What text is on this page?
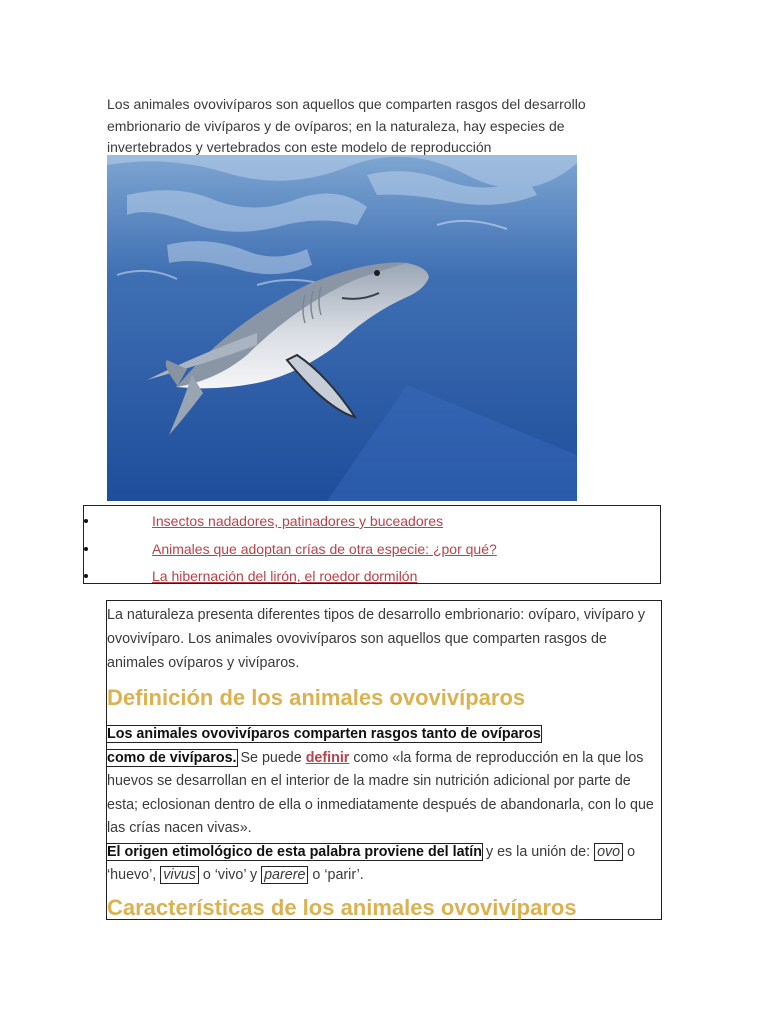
Los animales ovovivíparos son aquellos que comparten rasgos del desarrollo embrionario de vivíparos y de ovíparos; en la naturaleza, hay especies de invertebrados y vertebrados con este modelo de reproducción

Insectos nadadores, patinadores y buceadores
Animales que adoptan crías de otra especie: ¿por qué?
La hibernación del lirón, el roedor dormilón

La naturaleza presenta diferentes tipos de desarrollo embrionario: ovíparo, vivíparo y ovovivíparo. Los animales ovovivíparos son aquellos que comparten rasgos de animales ovíparos y vivíparos.

Definición de los animales ovovivíparos

Los animales ovovivíparos comparten rasgos tanto de ovíparos
como de vivíparos. Se puede definir como «la forma de reproducción en la que los huevos se desarrollan en el interior de la madre sin nutrición adicional por parte de esta; eclosionan dentro de ella o inmediatamente después de abandonarla, con lo que las crías nacen vivas».
El origen etimológico de esta palabra proviene del latín y es la unión de: ovo o ‘huevo’, vivus o ‘vivo’ y parere o ‘parir’.

Características de los animales ovovivíparos
